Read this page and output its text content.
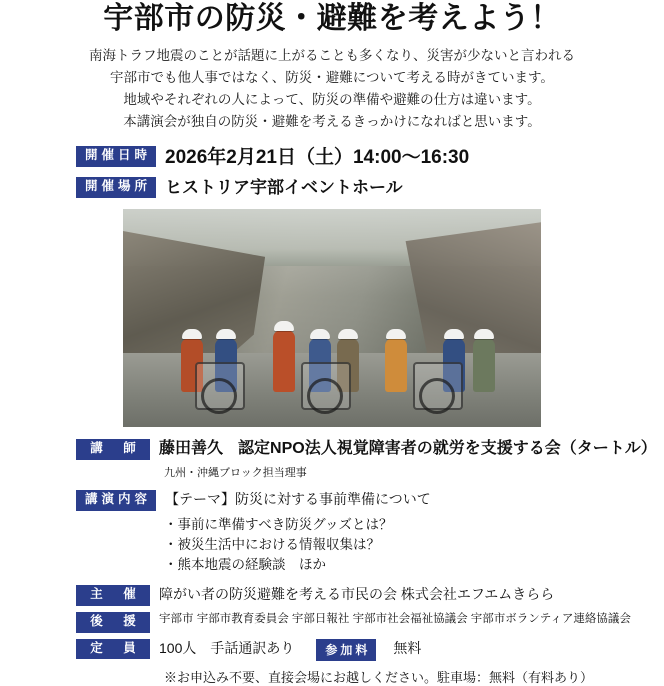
宇部市の防災・避難を考えよう！
南海トラフ地震のことが話題に上がることも多くなり、災害が少ないと言われる
宇部市でも他人事ではなく、防災・避難について考える時がきています。
地域やそれぞれの人によって、防災の準備や避難の仕方は違います。
本講演会が独自の防災・避難を考えるきっかけになればと思います。
開催日時 2026年2月21日（土）14:00〜16:30
開催場所 ヒストリア宇部イベントホール
講　師	藤田善久 認定NPO法人視覚障害者の就労を支援する会（タートル）
九州・沖縄ブロック担当理事
講演内容	【テーマ】防災に対する事前準備について
・事前に準備すべき防災グッズとは？
・被災生活中における情報収集は？
・熊本地震の経験談　ほか
主　催	障がい者の防災避難を考える市民の会 株式会社エフエムきらら
後　援	宇部市 宇部市教育委員会 宇部日報社 宇部市社会福祉協議会 宇部市ボランティア連絡協議会
定　員	100人　手話通訳あり	参加料	無料
※お申込み不要、直接会場にお越しください。駐車場：無料（有料あり）
